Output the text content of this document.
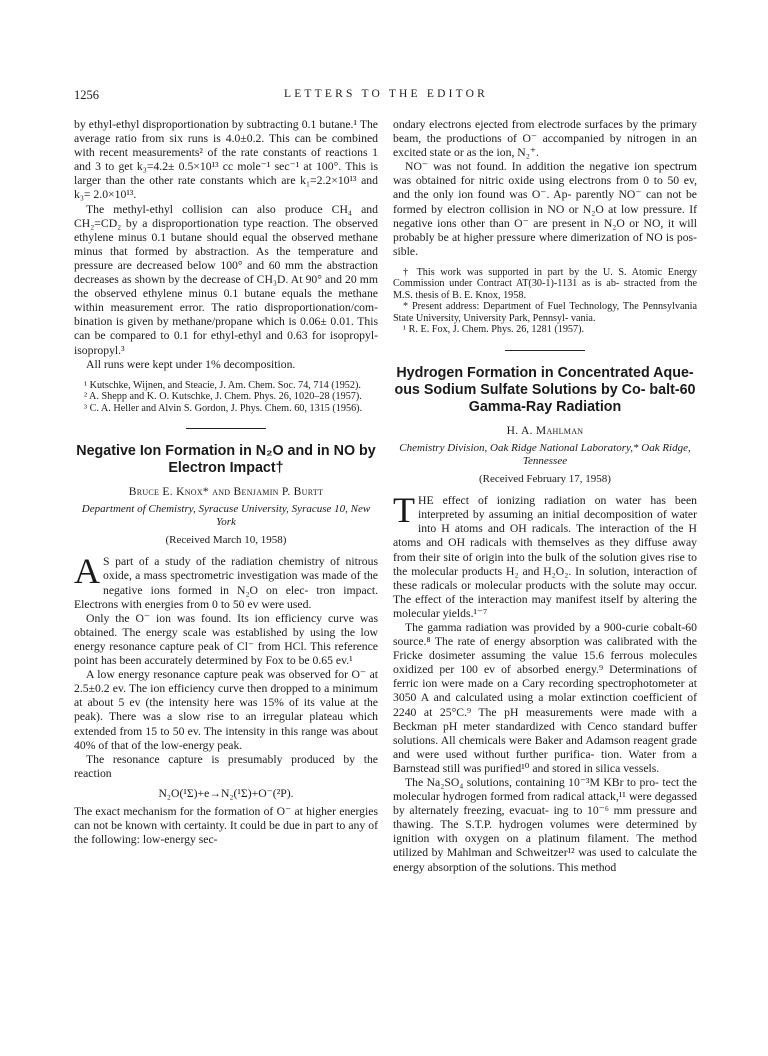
1256	LETTERS TO THE EDITOR

by ethyl-ethyl disproportionation by subtracting 0.1 butane.¹ The average ratio from six runs is 4.0±0.2. This can be combined with recent measurements² of the rate constants of reactions 1 and 3 to get k₃=4.2± 0.5×10¹³ cc mole⁻¹ sec⁻¹ at 100°. This is larger than the other rate constants which are k₁=2.2×10¹³ and k₃= 2.0×10¹³.

The methyl-ethyl collision can also produce CH₄ and CH₂=CD₂ by a disproportionation type reaction. The observed ethylene minus 0.1 butane should equal the observed methane minus that formed by abstraction. As the temperature and pressure are decreased below 100° and 60 mm the abstraction decreases as shown by the decrease of CH₃D. At 90° and 20 mm the observed ethylene minus 0.1 butane equals the methane within measurement error. The ratio disproportionation/com- bination is given by methane/propane which is 0.06± 0.01. This can be compared to 0.1 for ethyl-ethyl and 0.63 for isopropyl-isopropyl.³

All runs were kept under 1% decomposition.

¹ Kutschke, Wijnen, and Steacie, J. Am. Chem. Soc. 74, 714 (1952).

² A. Shepp and K. O. Kutschke, J. Chem. Phys. 26, 1020–28 (1957).

³ C. A. Heller and Alvin S. Gordon, J. Phys. Chem. 60, 1315 (1956).

Negative Ion Formation in N₂O and in NO by Electron Impact†
Bruce E. Knox* and Benjamin P. Burtt
Department of Chemistry, Syracuse University, Syracuse 10, New York
(Received March 10, 1958)

A S part of a study of the radiation chemistry of nitrous oxide, a mass spectrometric investigation was made of the negative ions formed in N₂O on elec- tron impact. Electrons with energies from 0 to 50 ev were used.

Only the O⁻ ion was found. Its ion efficiency curve was obtained. The energy scale was established by using the low energy resonance capture peak of Cl⁻ from HCl. This reference point has been accurately determined by Fox to be 0.65 ev.¹

A low energy resonance capture peak was observed for O⁻ at 2.5±0.2 ev. The ion efficiency curve then dropped to a minimum at about 5 ev (the intensity here was 15% of its value at the peak). There was a slow rise to an irregular plateau which extended from 15 to 50 ev. The intensity in this range was about 40% of that of the low-energy peak.

The resonance capture is presumably produced by the reaction

N₂O(¹Σ)+e→N₂(¹Σ)+O⁻(²P).

The exact mechanism for the formation of O⁻ at higher energies can not be known with certainty. It could be due in part to any of the following: low-energy sec-

ondary electrons ejected from electrode surfaces by the primary beam, the productions of O⁻ accompanied by nitrogen in an excited state or as the ion, N₂⁺.

NO⁻ was not found. In addition the negative ion spectrum was obtained for nitric oxide using electrons from 0 to 50 ev, and the only ion found was O⁻. Ap- parently NO⁻ can not be formed by electron collision in NO or N₂O at low pressure. If negative ions other than O⁻ are present in N₂O or NO, it will probably be at higher pressure where dimerization of NO is pos- sible.

† This work was supported in part by the U. S. Atomic Energy Commission under Contract AT(30-1)-1131 as is ab- stracted from the M.S. thesis of B. E. Knox, 1958.

* Present address: Department of Fuel Technology, The Pennsylvania State University, University Park, Pennsyl- vania.

¹ R. E. Fox, J. Chem. Phys. 26, 1281 (1957).

Hydrogen Formation in Concentrated Aque- ous Sodium Sulfate Solutions by Co- balt-60 Gamma-Ray Radiation
H. A. Mahlman
Chemistry Division, Oak Ridge National Laboratory,* Oak Ridge, Tennessee
(Received February 17, 1958)

THE effect of ionizing radiation on water has been interpreted by assuming an initial decomposition of water into H atoms and OH radicals. The interaction of the H atoms and OH radicals with themselves as they diffuse away from their site of origin into the bulk of the solution gives rise to the molecular products H₂ and H₂O₂. In solution, interaction of these radicals or molecular products with the solute may occur. The effect of the interaction may manifest itself by altering the molecular yields.¹⁻⁷

The gamma radiation was provided by a 900-curie cobalt-60 source.⁸ The rate of energy absorption was calibrated with the Fricke dosimeter assuming the value 15.6 ferrous molecules oxidized per 100 ev of absorbed energy.⁹ Determinations of ferric ion were made on a Cary recording spectrophotometer at 3050 A and calculated using a molar extinction coefficient of 2240 at 25°C.⁹ The pH measurements were made with a Beckman pH meter standardized with Cenco standard buffer solutions. All chemicals were Baker and Adamson reagent grade and were used without further purifica- tion. Water from a Barnstead still was purified¹⁰ and stored in silica vessels.

The Na₂SO₄ solutions, containing 10⁻³M KBr to pro- tect the molecular hydrogen formed from radical attack,¹¹ were degassed by alternately freezing, evacuat- ing to 10⁻⁶ mm pressure and thawing. The S.T.P. hydrogen volumes were determined by ignition with oxygen on a platinum filament. The method utilized by Mahlman and Schweitzer¹² was used to calculate the energy absorption of the solutions. This method
